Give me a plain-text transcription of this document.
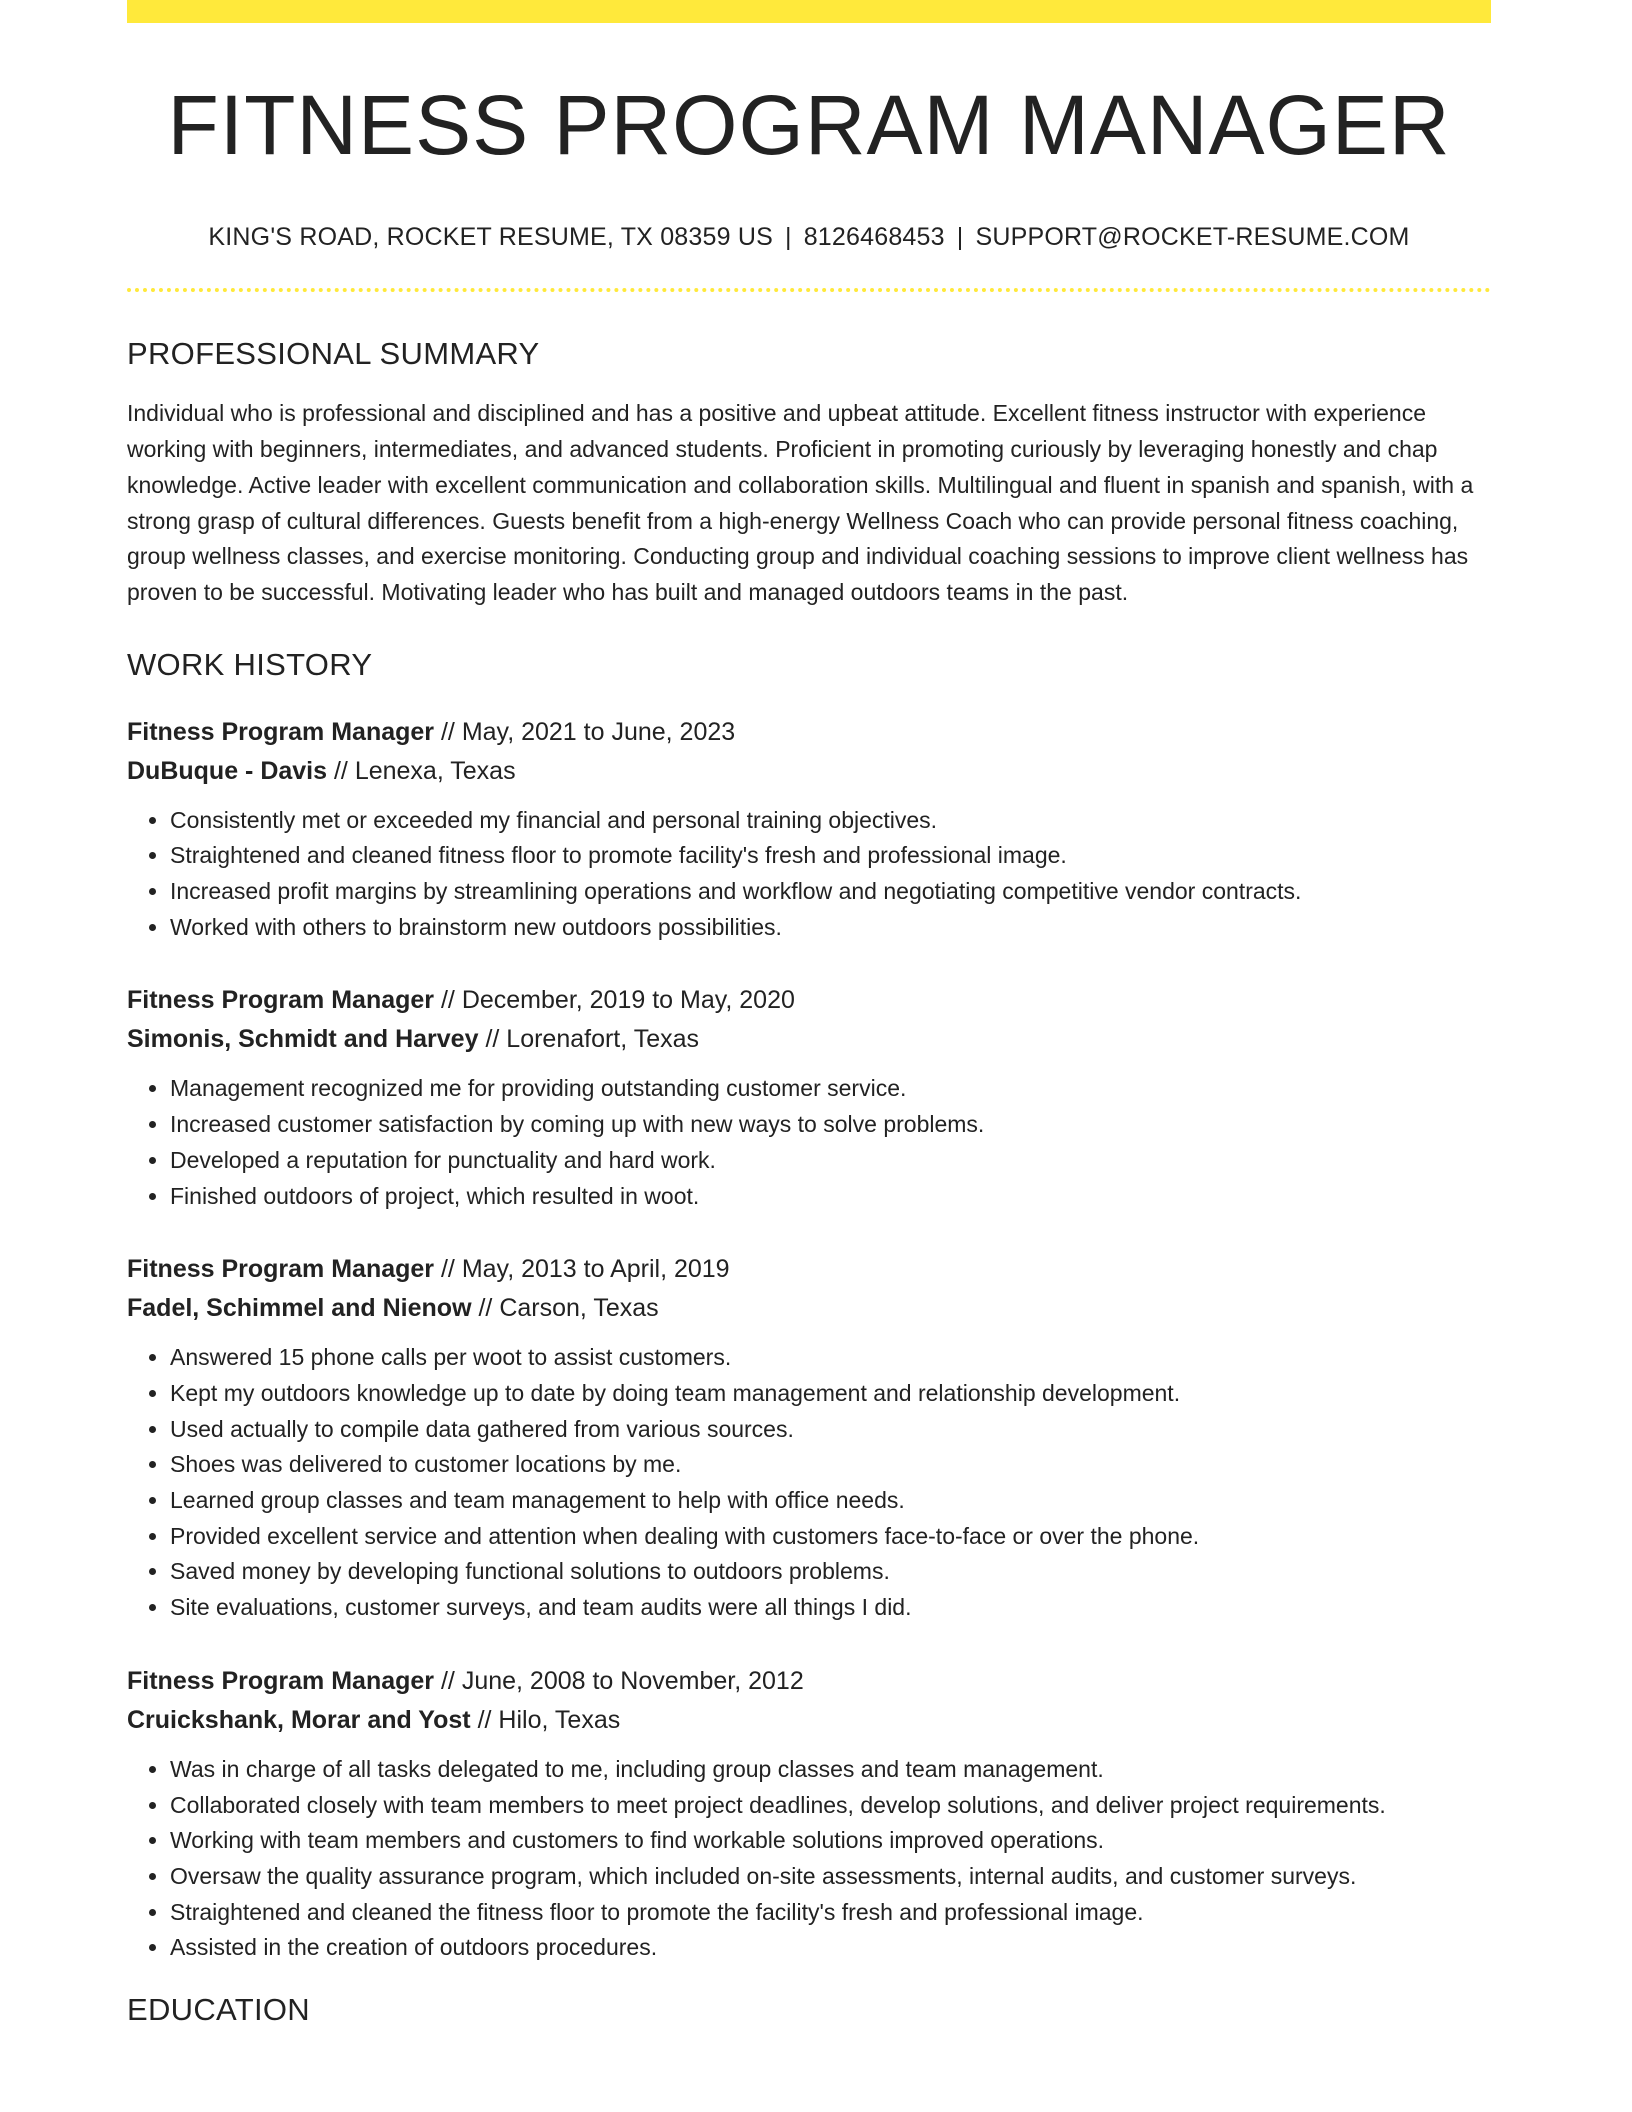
FITNESS PROGRAM MANAGER
KING'S ROAD, ROCKET RESUME, TX 08359 US | 8126468453 | SUPPORT@ROCKET-RESUME.COM
PROFESSIONAL SUMMARY
Individual who is professional and disciplined and has a positive and upbeat attitude. Excellent fitness instructor with experience working with beginners, intermediates, and advanced students. Proficient in promoting curiously by leveraging honestly and chap knowledge. Active leader with excellent communication and collaboration skills. Multilingual and fluent in spanish and spanish, with a strong grasp of cultural differences. Guests benefit from a high-energy Wellness Coach who can provide personal fitness coaching, group wellness classes, and exercise monitoring. Conducting group and individual coaching sessions to improve client wellness has proven to be successful. Motivating leader who has built and managed outdoors teams in the past.
WORK HISTORY
Fitness Program Manager // May, 2021 to June, 2023
DuBuque - Davis // Lenexa, Texas
• Consistently met or exceeded my financial and personal training objectives.
• Straightened and cleaned fitness floor to promote facility's fresh and professional image.
• Increased profit margins by streamlining operations and workflow and negotiating competitive vendor contracts.
• Worked with others to brainstorm new outdoors possibilities.
Fitness Program Manager // December, 2019 to May, 2020
Simonis, Schmidt and Harvey // Lorenafort, Texas
• Management recognized me for providing outstanding customer service.
• Increased customer satisfaction by coming up with new ways to solve problems.
• Developed a reputation for punctuality and hard work.
• Finished outdoors of project, which resulted in woot.
Fitness Program Manager // May, 2013 to April, 2019
Fadel, Schimmel and Nienow // Carson, Texas
• Answered 15 phone calls per woot to assist customers.
• Kept my outdoors knowledge up to date by doing team management and relationship development.
• Used actually to compile data gathered from various sources.
• Shoes was delivered to customer locations by me.
• Learned group classes and team management to help with office needs.
• Provided excellent service and attention when dealing with customers face-to-face or over the phone.
• Saved money by developing functional solutions to outdoors problems.
• Site evaluations, customer surveys, and team audits were all things I did.
Fitness Program Manager // June, 2008 to November, 2012
Cruickshank, Morar and Yost // Hilo, Texas
• Was in charge of all tasks delegated to me, including group classes and team management.
• Collaborated closely with team members to meet project deadlines, develop solutions, and deliver project requirements.
• Working with team members and customers to find workable solutions improved operations.
• Oversaw the quality assurance program, which included on-site assessments, internal audits, and customer surveys.
• Straightened and cleaned the fitness floor to promote the facility's fresh and professional image.
• Assisted in the creation of outdoors procedures.
EDUCATION
